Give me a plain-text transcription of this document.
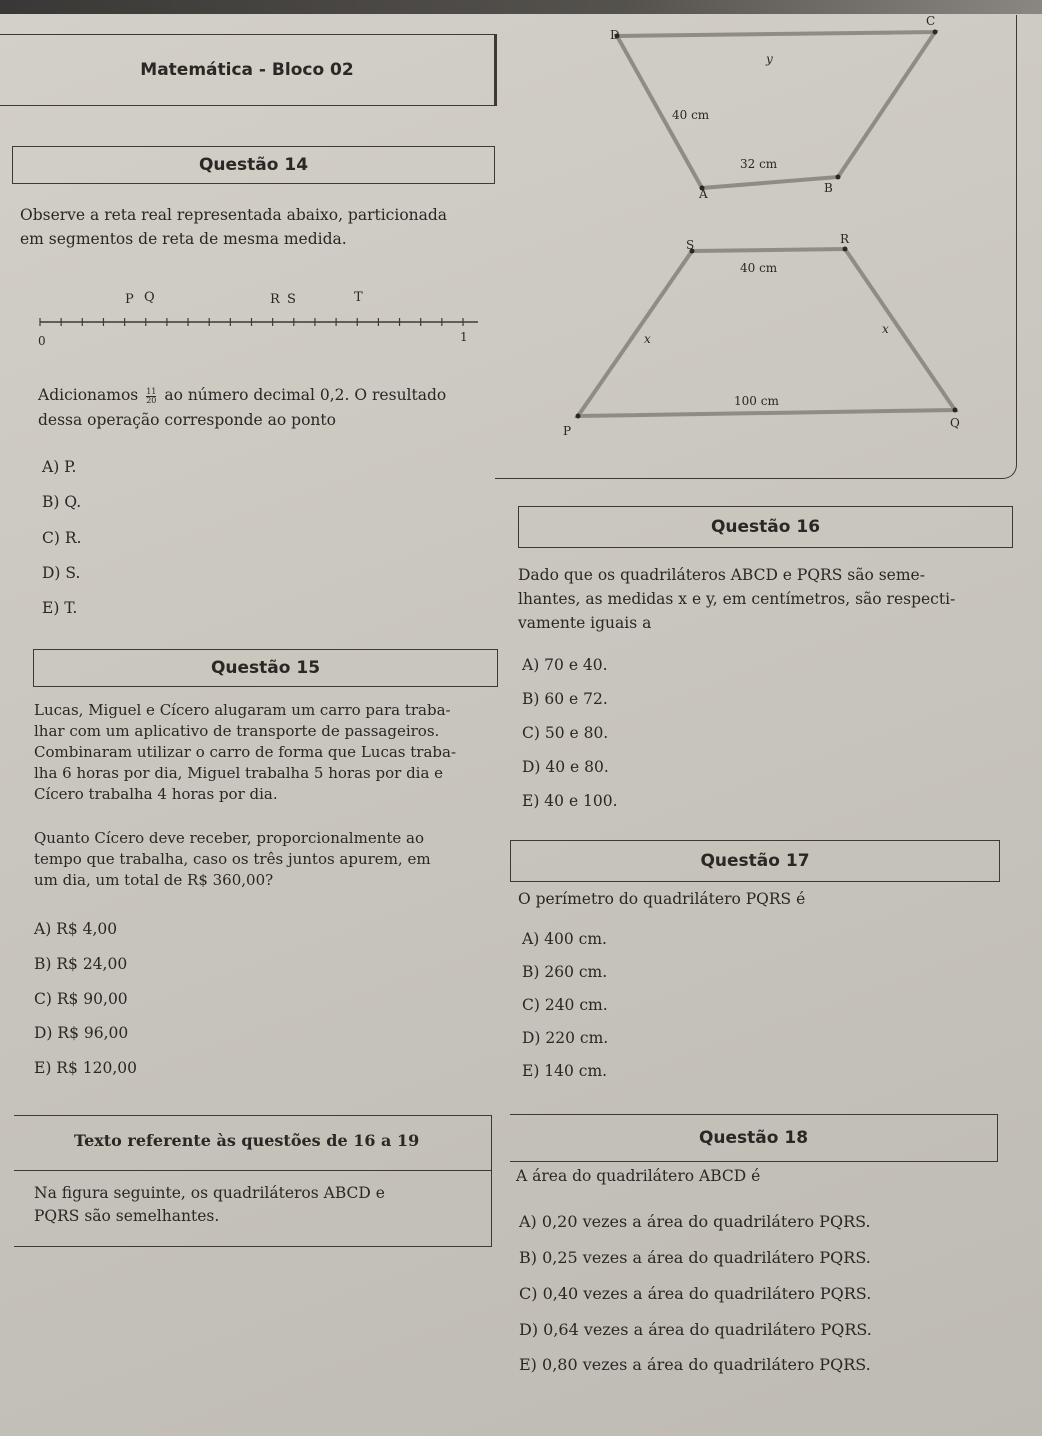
Matemática - Bloco 02
Questão 14
Observe a reta real representada abaixo, particionada
em segmentos de reta de mesma medida.
P Q	R S	T
0	1
Adicionamos $\frac{11}{20}$ ao número decimal 0,2. O resultado
dessa operação corresponde ao ponto
A) P.
B) Q.
C) R.
D) S.
E) T.
Questão 15
Lucas, Miguel e Cícero alugaram um carro para traba-
lhar com um aplicativo de transporte de passageiros.
Combinaram utilizar o carro de forma que Lucas traba-
lha 6 horas por dia, Miguel trabalha 5 horas por dia e
Cícero trabalha 4 horas por dia.
Quanto Cícero deve receber, proporcionalmente ao
tempo que trabalha, caso os três juntos apurem, em
um dia, um total de R$ 360,00?
A) R$ 4,00
B) R$ 24,00
C) R$ 90,00
D) R$ 96,00
E) R$ 120,00
Texto referente às questões de 16 a 19
Na figura seguinte, os quadriláteros ABCD e
PQRS são semelhantes.
D
C
y
40 cm
32 cm
A	B
S	R
40 cm
x
x
100 cm
P
Q
Questão 16
Dado que os quadriláteros ABCD e PQRS são seme-
lhantes, as medidas x e y, em centímetros, são respecti-
vamente iguais a
A) 70 e 40.
B) 60 e 72.
C) 50 e 80.
D) 40 e 80.
E) 40 e 100.
Questão 17
O perímetro do quadrilátero PQRS é
A) 400 cm.
B) 260 cm.
C) 240 cm.
D) 220 cm.
E) 140 cm.
Questão 18
A área do quadrilátero ABCD é
A) 0,20 vezes a área do quadrilátero PQRS.
B) 0,25 vezes a área do quadrilátero PQRS.
C) 0,40 vezes a área do quadrilátero PQRS.
D) 0,64 vezes a área do quadrilátero PQRS.
E) 0,80 vezes a área do quadrilátero PQRS.
